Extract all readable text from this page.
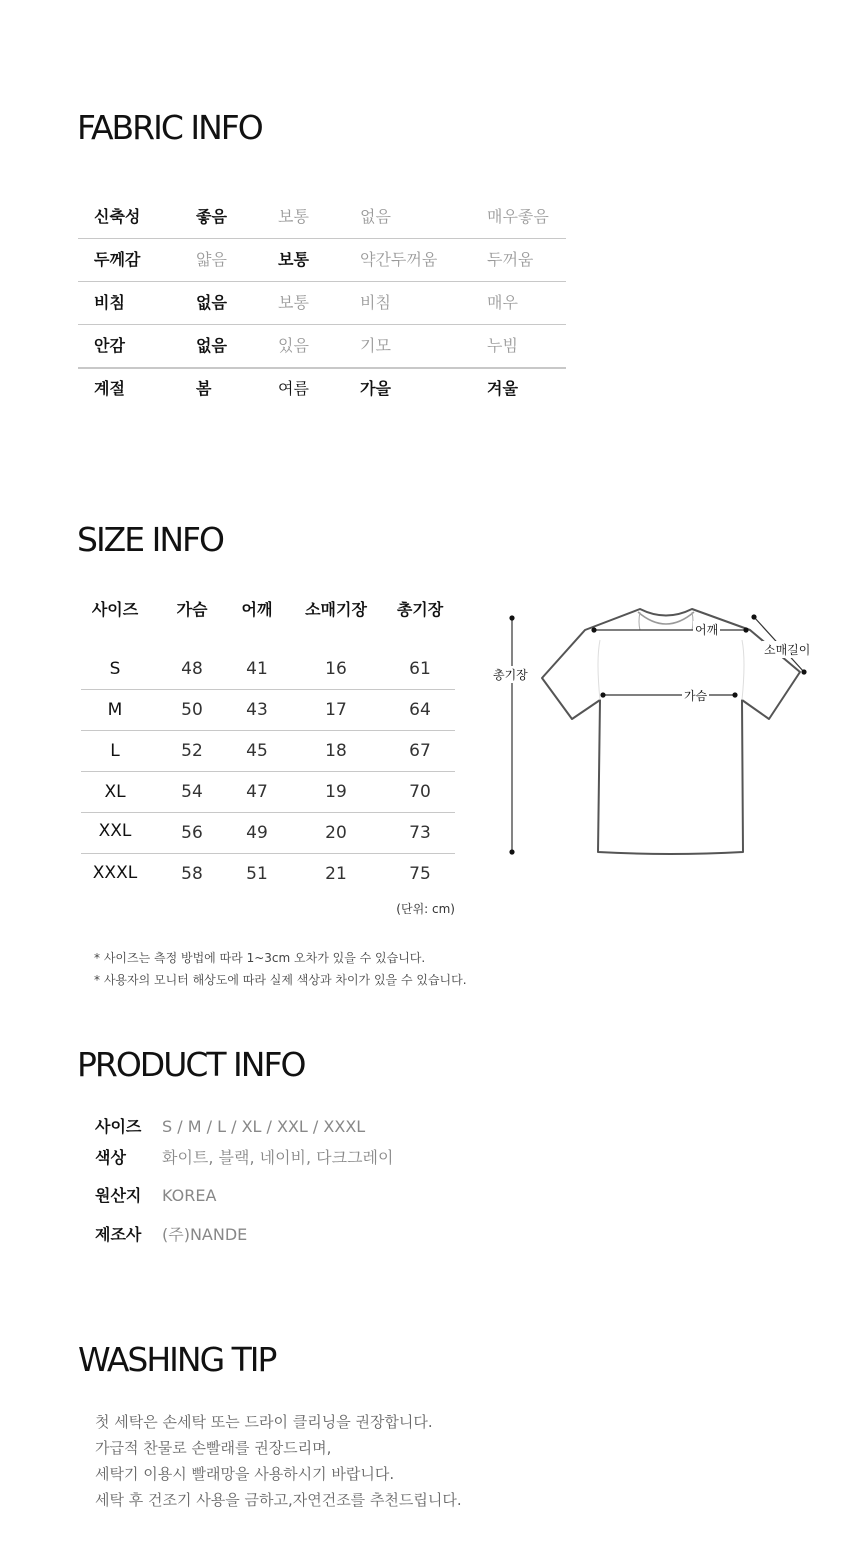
FABRIC INFO
신축성	좋음	보통	없음	매우좋음
두께감	얇음	보통	약간두꺼움	두꺼움
비침	없음	보통	비침	매우
안감	없음	있음	기모	누빔
계절	봄	여름	가을	겨울
SIZE INFO
사이즈 가슴 어깨 소매기장 총기장
S	48	41	16	61
M	50	43	17	64
L	52	45	18	67
XL	54	47	19	70
XXL	56	49	20	73
XXXL	58	51	21	75
(단위: cm)
* 사이즈는 측정 방법에 따라 1~3cm 오차가 있을 수 있습니다.
* 사용자의 모니터 해상도에 따라 실제 색상과 차이가 있을 수 있습니다.
어깨
소매길이
총기장
가슴
PRODUCT INFO
사이즈 S / M / L / XL / XXL / XXXL
색상 화이트, 블랙, 네이비, 다크그레이
원산지 KOREA
제조사 (주)NANDE
WASHING TIP
첫 세탁은 손세탁 또는 드라이 클리닝을 권장합니다.
가급적 찬물로 손빨래를 권장드리며,
세탁기 이용시 빨래망을 사용하시기 바랍니다.
세탁 후 건조기 사용을 금하고,자연건조를 추천드립니다.
